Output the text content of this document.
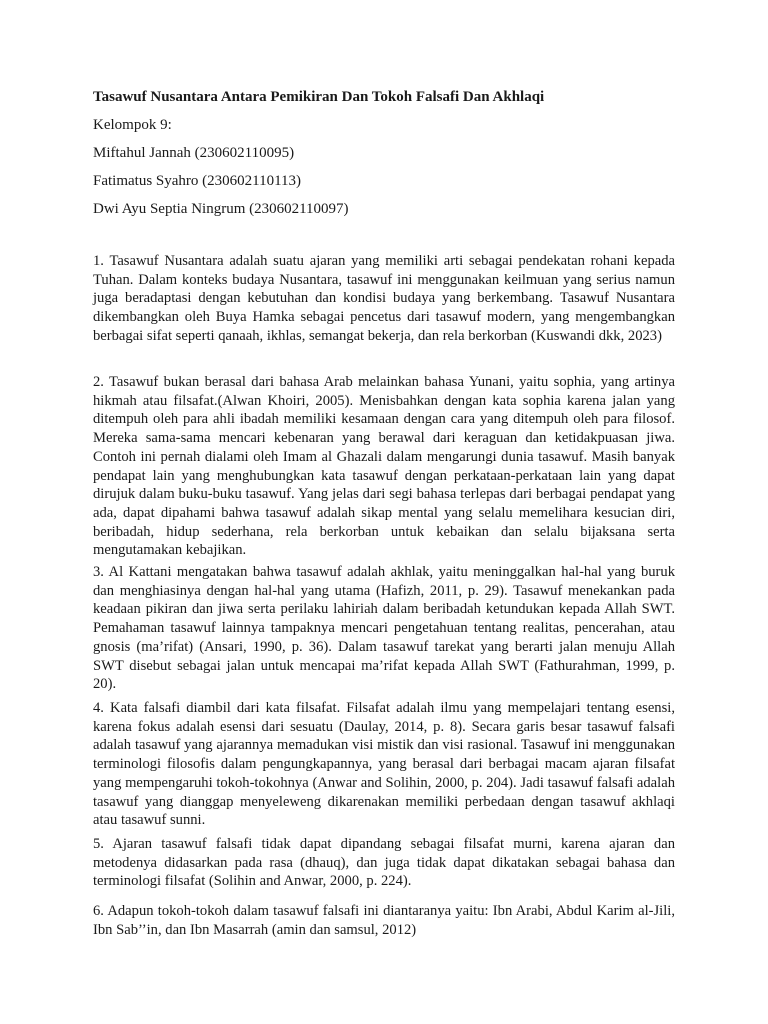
Tasawuf Nusantara Antara Pemikiran Dan Tokoh Falsafi Dan Akhlaqi
Kelompok 9:
Miftahul Jannah (230602110095)
Fatimatus Syahro (230602110113)
Dwi Ayu Septia Ningrum (230602110097)

1. Tasawuf Nusantara adalah suatu ajaran yang memiliki arti sebagai pendekatan rohani kepada Tuhan. Dalam konteks budaya Nusantara, tasawuf ini menggunakan keilmuan yang serius namun juga beradaptasi dengan kebutuhan dan kondisi budaya yang berkembang. Tasawuf Nusantara dikembangkan oleh Buya Hamka sebagai pencetus dari tasawuf modern, yang mengembangkan berbagai sifat seperti qanaah, ikhlas, semangat bekerja, dan rela berkorban (Kuswandi dkk, 2023)

2. Tasawuf bukan berasal dari bahasa Arab melainkan bahasa Yunani, yaitu sophia, yang artinya hikmah atau filsafat.(Alwan Khoiri, 2005). Menisbahkan dengan kata sophia karena jalan yang ditempuh oleh para ahli ibadah memiliki kesamaan dengan cara yang ditempuh oleh para filosof. Mereka sama-sama mencari kebenaran yang berawal dari keraguan dan ketidakpuasan jiwa. Contoh ini pernah dialami oleh Imam al Ghazali dalam mengarungi dunia tasawuf. Masih banyak pendapat lain yang menghubungkan kata tasawuf dengan perkataan-perkataan lain yang dapat dirujuk dalam buku-buku tasawuf. Yang jelas dari segi bahasa terlepas dari berbagai pendapat yang ada, dapat dipahami bahwa tasawuf adalah sikap mental yang selalu memelihara kesucian diri, beribadah, hidup sederhana, rela berkorban untuk kebaikan dan selalu bijaksana serta mengutamakan kebajikan.

3. Al Kattani mengatakan bahwa tasawuf adalah akhlak, yaitu meninggalkan hal-hal yang buruk dan menghiasinya dengan hal-hal yang utama (Hafizh, 2011, p. 29). Tasawuf menekankan pada keadaan pikiran dan jiwa serta perilaku lahiriah dalam beribadah ketundukan kepada Allah SWT. Pemahaman tasawuf lainnya tampaknya mencari pengetahuan tentang realitas, pencerahan, atau gnosis (ma’rifat) (Ansari, 1990, p. 36). Dalam tasawuf tarekat yang berarti jalan menuju Allah SWT disebut sebagai jalan untuk mencapai ma’rifat kepada Allah SWT (Fathurahman, 1999, p. 20).

4. Kata falsafi diambil dari kata filsafat. Filsafat adalah ilmu yang mempelajari tentang esensi, karena fokus adalah esensi dari sesuatu (Daulay, 2014, p. 8). Secara garis besar tasawuf falsafi adalah tasawuf yang ajarannya memadukan visi mistik dan visi rasional. Tasawuf ini menggunakan terminologi filosofis dalam pengungkapannya, yang berasal dari berbagai macam ajaran filsafat yang mempengaruhi tokoh-tokohnya (Anwar and Solihin, 2000, p. 204). Jadi tasawuf falsafi adalah tasawuf yang dianggap menyeleweng dikarenakan memiliki perbedaan dengan tasawuf akhlaqi atau tasawuf sunni.

5. Ajaran tasawuf falsafi tidak dapat dipandang sebagai filsafat murni, karena ajaran dan metodenya didasarkan pada rasa (dhauq), dan juga tidak dapat dikatakan sebagai bahasa dan terminologi filsafat (Solihin and Anwar, 2000, p. 224).

6. Adapun tokoh-tokoh dalam tasawuf falsafi ini diantaranya yaitu: Ibn Arabi, Abdul Karim al-Jili, Ibn Sab’’in, dan Ibn Masarrah (amin dan samsul, 2012)
